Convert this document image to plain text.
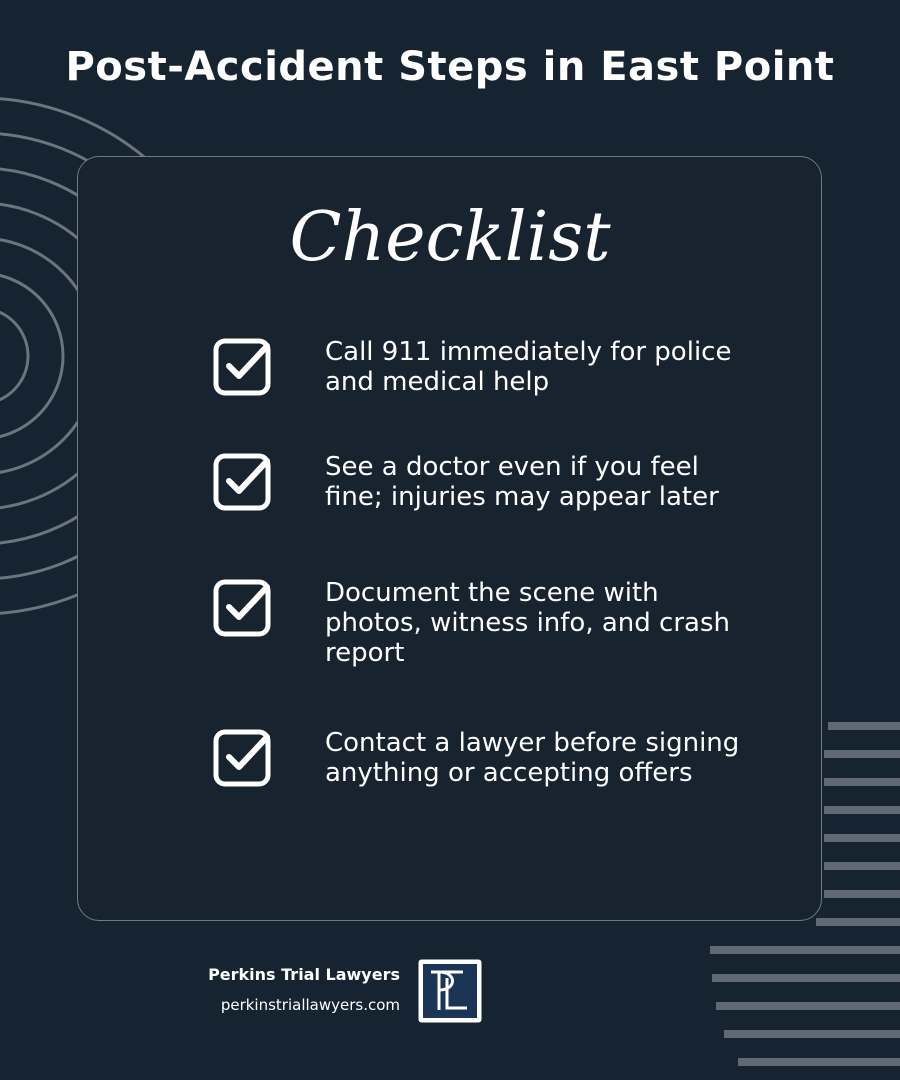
Post-Accident Steps in East Point
Checklist
Call 911 immediately for police and medical help
See a doctor even if you feel fine; injuries may appear later
Document the scene with photos, witness info, and crash report
Contact a lawyer before signing anything or accepting offers
Perkins Trial Lawyers
perkinstriallawyers.com
